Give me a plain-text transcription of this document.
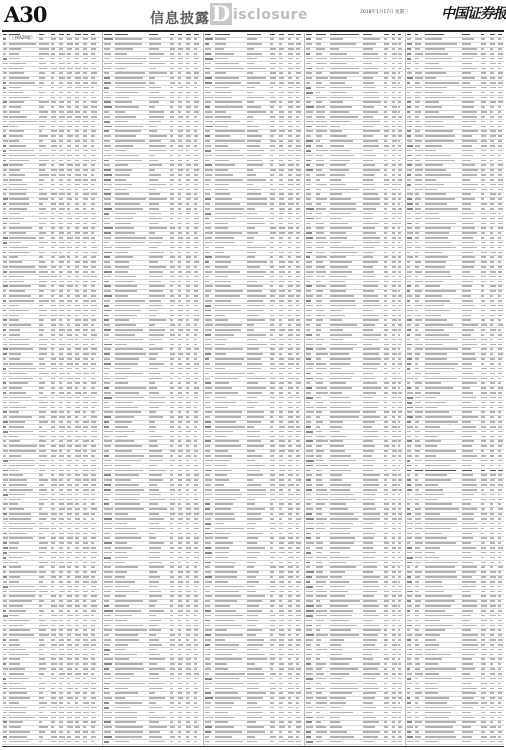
A30	信息披露 D isclosure	2018年1月17日 星期三 中国证券报
（上接A29版）
